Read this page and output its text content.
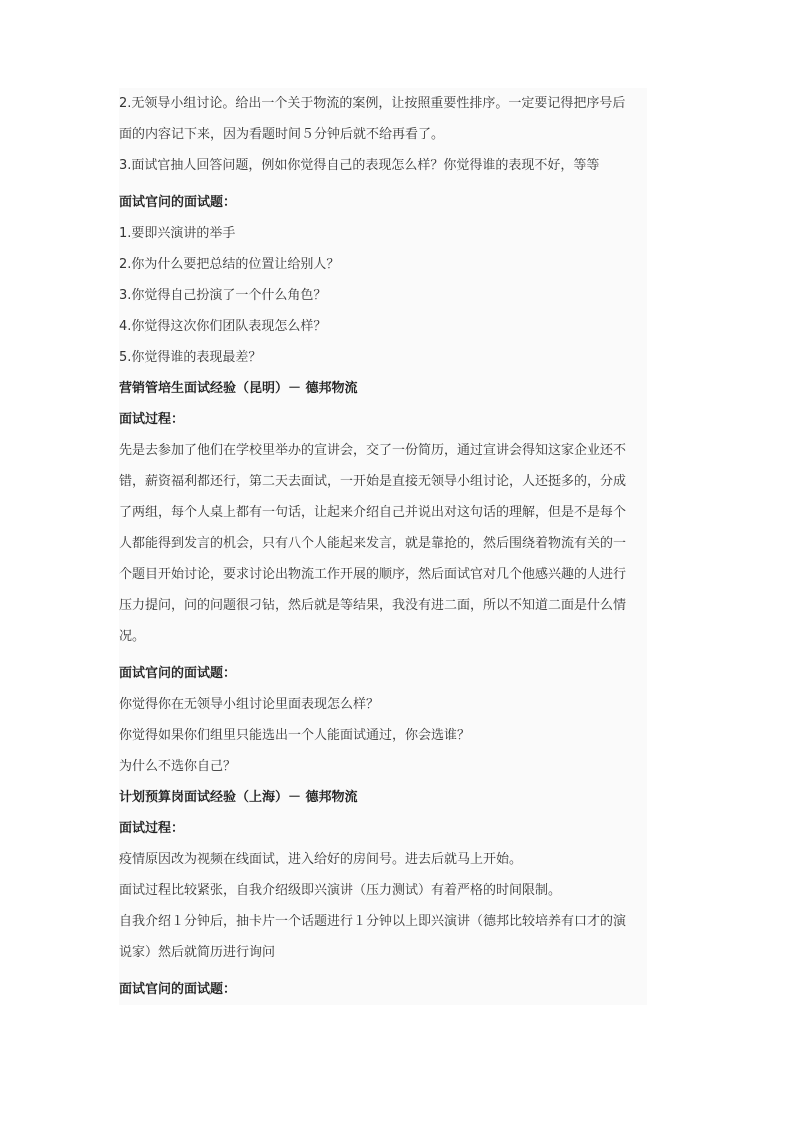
2.无领导小组讨论。给出一个关于物流的案例，让按照重要性排序。一定要记得把序号后
面的内容记下来，因为看题时间５分钟后就不给再看了。
3.面试官抽人回答问题，例如你觉得自己的表现怎么样？你觉得谁的表现不好，等等
面试官问的面试题：
1.要即兴演讲的举手
2.你为什么要把总结的位置让给别人？
3.你觉得自己扮演了一个什么角色？
4.你觉得这次你们团队表现怎么样？
5.你觉得谁的表现最差？
营销管培生面试经验（昆明）－ 德邦物流
面试过程：
先是去参加了他们在学校里举办的宣讲会，交了一份简历，通过宣讲会得知这家企业还不
错，薪资福利都还行，第二天去面试，一开始是直接无领导小组讨论，人还挺多的，分成
了两组，每个人桌上都有一句话，让起来介绍自己并说出对这句话的理解，但是不是每个
人都能得到发言的机会，只有八个人能起来发言，就是靠抢的，然后围绕着物流有关的一
个题目开始讨论，要求讨论出物流工作开展的顺序，然后面试官对几个他感兴趣的人进行
压力提问，问的问题很刁钻，然后就是等结果，我没有进二面，所以不知道二面是什么情
况。
面试官问的面试题：
你觉得你在无领导小组讨论里面表现怎么样？
你觉得如果你们组里只能选出一个人能面试通过，你会选谁？
为什么不选你自己？
计划预算岗面试经验（上海）－ 德邦物流
面试过程：
疫情原因改为视频在线面试，进入给好的房间号。进去后就马上开始。
面试过程比较紧张，自我介绍级即兴演讲（压力测试）有着严格的时间限制。
自我介绍１分钟后，抽卡片一个话题进行１分钟以上即兴演讲（德邦比较培养有口才的演
说家）然后就简历进行询问
面试官问的面试题：
